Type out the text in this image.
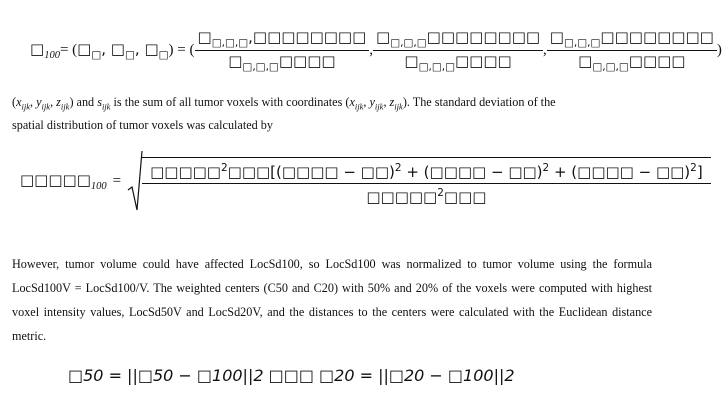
$□_{100}$ = ( $□_□$, $□_□$, $□_□$ ) = ( $\frac{□_{□,□,□},□□□□□□□□}{□_{□,□,□}□□□□}$ , $\frac{□_{□,□,□}□□□□□□□□}{□_{□,□,□}□□□□}$ , $\frac{□_{□,□,□}□□□□□□□□}{□_{□,□,□}□□□□}$ )
($x_{ijk}$, $y_{ijk}$, $z_{ijk}$) and $s_{ijk}$ is the sum of all tumor voxels with coordinates ($x_{ijk}$, $y_{ijk}$, $z_{ijk}$). The standard deviation of the
spatial distribution of tumor voxels was calculated by
$□□□□□_{100} = \frac{□□□□□^2□□□[(□□□□ - □□)^2 + (□□□□ - □□)^2 + (□□□□ - □□)^2]}{□□□□□^2□□□}$
However, tumor volume could have affected LocSd100, so LocSd100 was normalized to tumor volume using the formula LocSd100V = LocSd100/V. The weighted centers (C50 and C20) with 50% and 20% of the voxels were computed with highest voxel intensity values, LocSd50V and LocSd20V, and the distances to the centers were calculated with the Euclidean distance metric.
□50 = ||□50 − □100||2 □□□ □20 = ||□20 − □100||2
